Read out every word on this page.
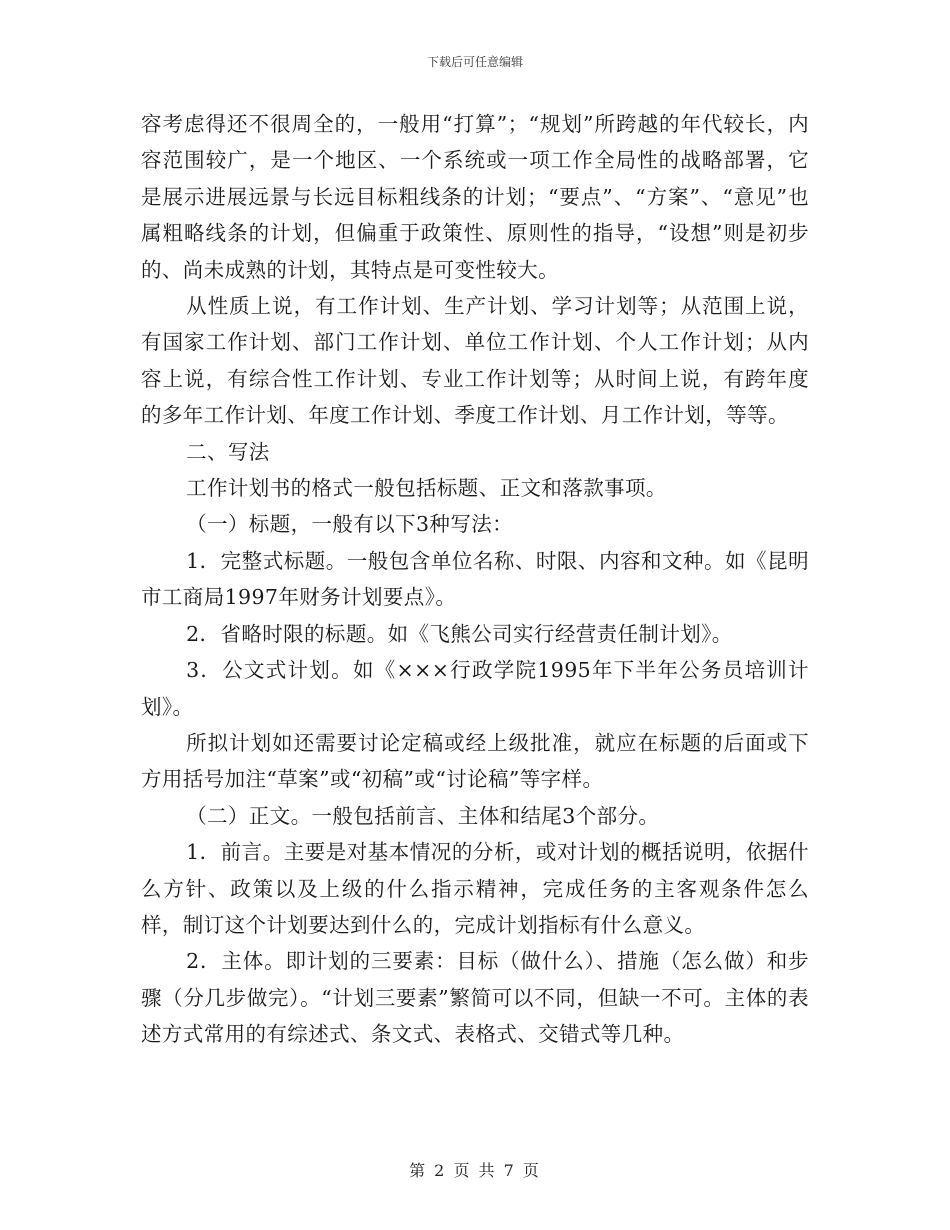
下载后可任意编辑

容考虑得还不很周全的，一般用“打算”；“规划”所跨越的年代较长，内容范围较广，是一个地区、一个系统或一项工作全局性的战略部署，它是展示进展远景与长远目标粗线条的计划；“要点”、“方案”、“意见”也属粗略线条的计划，但偏重于政策性、原则性的指导，“设想”则是初步的、尚未成熟的计划，其特点是可变性较大。

从性质上说，有工作计划、生产计划、学习计划等；从范围上说，有国家工作计划、部门工作计划、单位工作计划、个人工作计划；从内容上说，有综合性工作计划、专业工作计划等；从时间上说，有跨年度的多年工作计划、年度工作计划、季度工作计划、月工作计划，等等。

二、写法

工作计划书的格式一般包括标题、正文和落款事项。

（一）标题，一般有以下3种写法：

1．完整式标题。一般包含单位名称、时限、内容和文种。如《昆明市工商局1997年财务计划要点》。

2．省略时限的标题。如《飞熊公司实行经营责任制计划》。

3．公文式计划。如《×××行政学院1995年下半年公务员培训计划》。

所拟计划如还需要讨论定稿或经上级批准，就应在标题的后面或下方用括号加注“草案”或“初稿”或“讨论稿”等字样。

（二）正文。一般包括前言、主体和结尾3个部分。

1．前言。主要是对基本情况的分析，或对计划的概括说明，依据什么方针、政策以及上级的什么指示精神，完成任务的主客观条件怎么样，制订这个计划要达到什么的，完成计划指标有什么意义。

2．主体。即计划的三要素：目标（做什么）、措施（怎么做）和步骤（分几步做完）。“计划三要素”繁简可以不同，但缺一不可。主体的表述方式常用的有综述式、条文式、表格式、交错式等几种。

第 2 页 共 7 页
